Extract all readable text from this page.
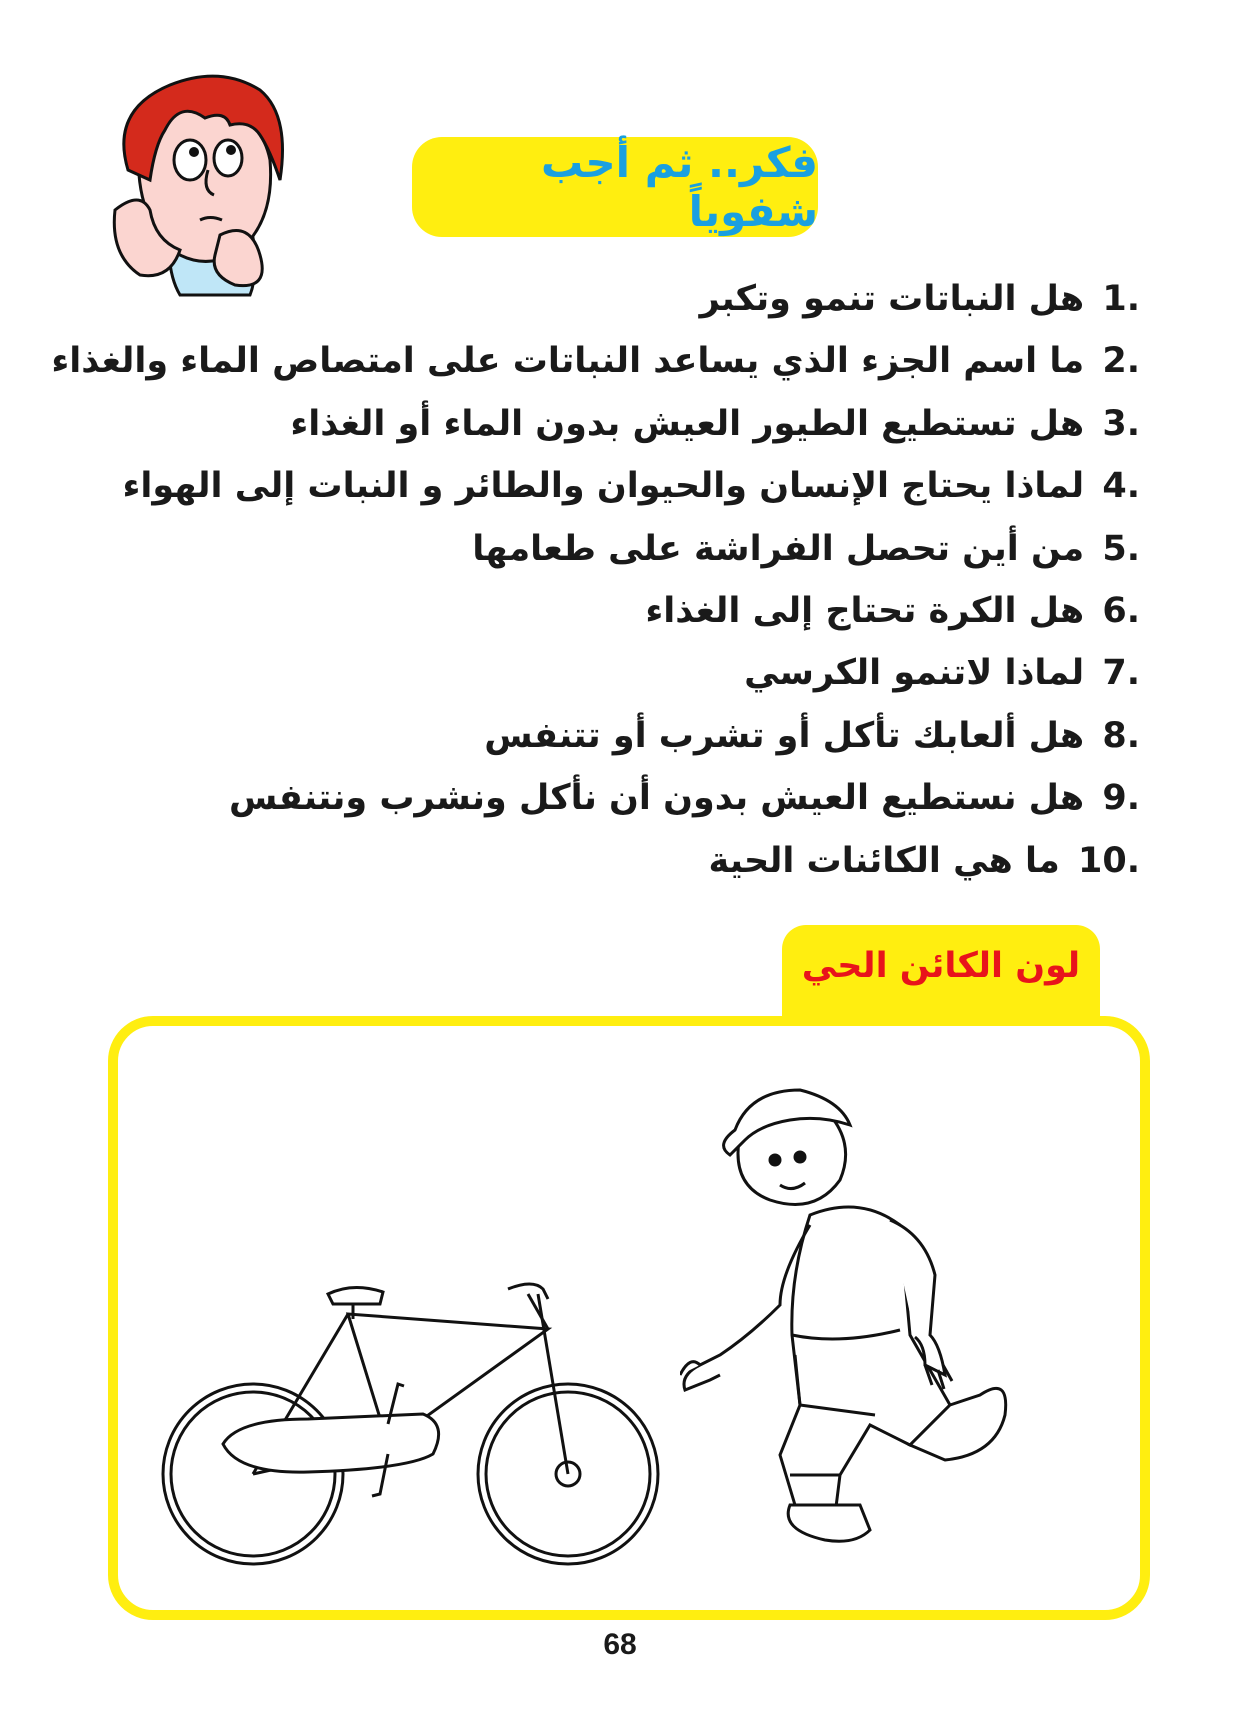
فكر.. ثم أجب شفوياً
1. هل النباتات تنمو وتكبر
2. ما اسم الجزء الذي يساعد النباتات على امتصاص الماء والغذاء
3. هل تستطيع الطيور العيش بدون الماء أو الغذاء
4. لماذا يحتاج الإنسان والحيوان والطائر و النبات إلى الهواء
5. من أين تحصل الفراشة على طعامها
6. هل الكرة تحتاج إلى الغذاء
7. لماذا لاتنمو الكرسي
8. هل ألعابك تأكل أو تشرب أو تتنفس
9. هل نستطيع العيش بدون أن نأكل ونشرب ونتنفس
10. ما هي الكائنات الحية
لون الكائن الحي
68
